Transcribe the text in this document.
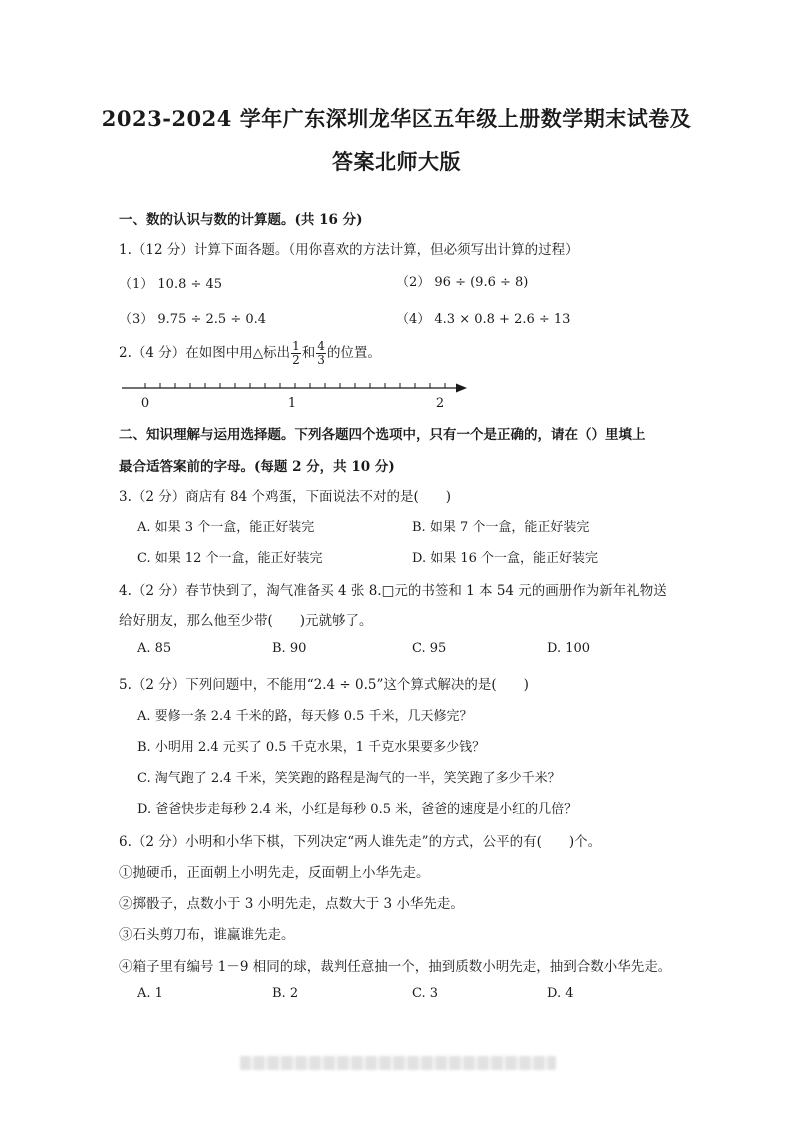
2023-2024 学年广东深圳龙华区五年级上册数学期末试卷及
答案北师大版
一、数的认识与数的计算题。(共 16 分)
1.（12 分）计算下面各题。（用你喜欢的方法计算，但必须写出计算的过程）
（1） 10.8 ÷ 45	（2） 96 ÷ (9.6 ÷ 8)
（3） 9.75 ÷ 2.5 ÷ 0.4	（4） 4.3 × 0.8 + 2.6 ÷ 13
2.（4 分）在如图中用△标出 $\frac{1}{2}$ 和 $\frac{4}{3}$ 的位置。
0	1	2
二、知识理解与运用选择题。下列各题四个选项中，只有一个是正确的，请在（）里填上
最合适答案前的字母。(每题 2 分，共 10 分)
3.（2 分）商店有 84 个鸡蛋，下面说法不对的是(　　)
A. 如果 3 个一盒，能正好装完	B. 如果 7 个一盒，能正好装完
C. 如果 12 个一盒，能正好装完	D. 如果 16 个一盒，能正好装完
4.（2 分）春节快到了，淘气准备买 4 张 8.□元的书签和 1 本 54 元的画册作为新年礼物送
给好朋友，那么他至少带(　　)元就够了。
A. 85	B. 90	C. 95	D. 100
5.（2 分）下列问题中，不能用“2.4 ÷ 0.5”这个算式解决的是(　　)
A. 要修一条 2.4 千米的路，每天修 0.5 千米，几天修完？
B. 小明用 2.4 元买了 0.5 千克水果，1 千克水果要多少钱？
C. 淘气跑了 2.4 千米，笑笑跑的路程是淘气的一半，笑笑跑了多少千米？
D. 爸爸快步走每秒 2.4 米，小红是每秒 0.5 米，爸爸的速度是小红的几倍？
6.（2 分）小明和小华下棋，下列决定“两人谁先走”的方式，公平的有(　　)个。
①抛硬币，正面朝上小明先走，反面朝上小华先走。
②掷骰子，点数小于 3 小明先走，点数大于 3 小华先走。
③石头剪刀布，谁赢谁先走。
④箱子里有编号 1－9 相同的球，裁判任意抽一个，抽到质数小明先走，抽到合数小华先走。
A. 1	B. 2	C. 3	D. 4
